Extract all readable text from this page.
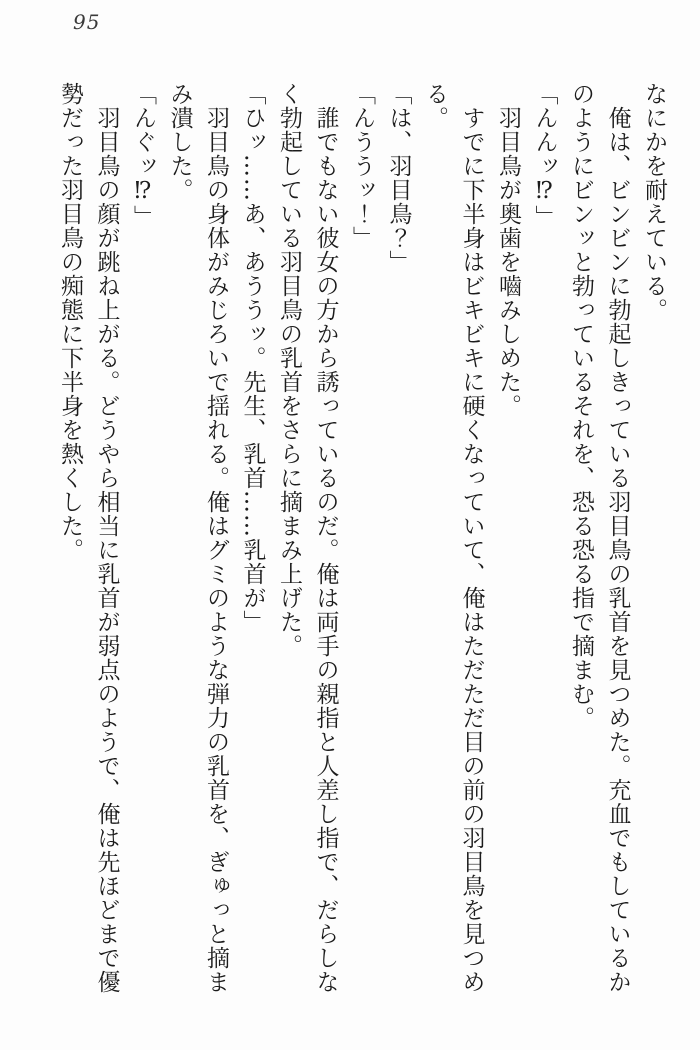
95

なにかを耐えている。

俺は、ビンビンに勃起しきっている羽目鳥の乳首を見つめた。充血でもしているかのようにビンッと勃っているそれを、恐る恐る指で摘まむ。

「んんッ⁉」

羽目鳥が奥歯を嚙みしめた。

すでに下半身はビキビキに硬くなっていて、俺はただただ目の前の羽目鳥を見つめる。

「は、羽目鳥？」

「んううッ！」

誰でもない彼女の方から誘っているのだ。俺は両手の親指と人差し指で、だらしなく勃起している羽目鳥の乳首をさらに摘まみ上げた。

「ひッ……あ、あううッ。先生、乳首……乳首が」

羽目鳥の身体がみじろいで揺れる。俺はグミのような弾力の乳首を、ぎゅっと摘まみ潰した。

「んぐッ⁉」

羽目鳥の顔が跳ね上がる。どうやら相当に乳首が弱点のようで、俺は先ほどまで優勢だった羽目鳥の痴態に下半身を熱くした。
